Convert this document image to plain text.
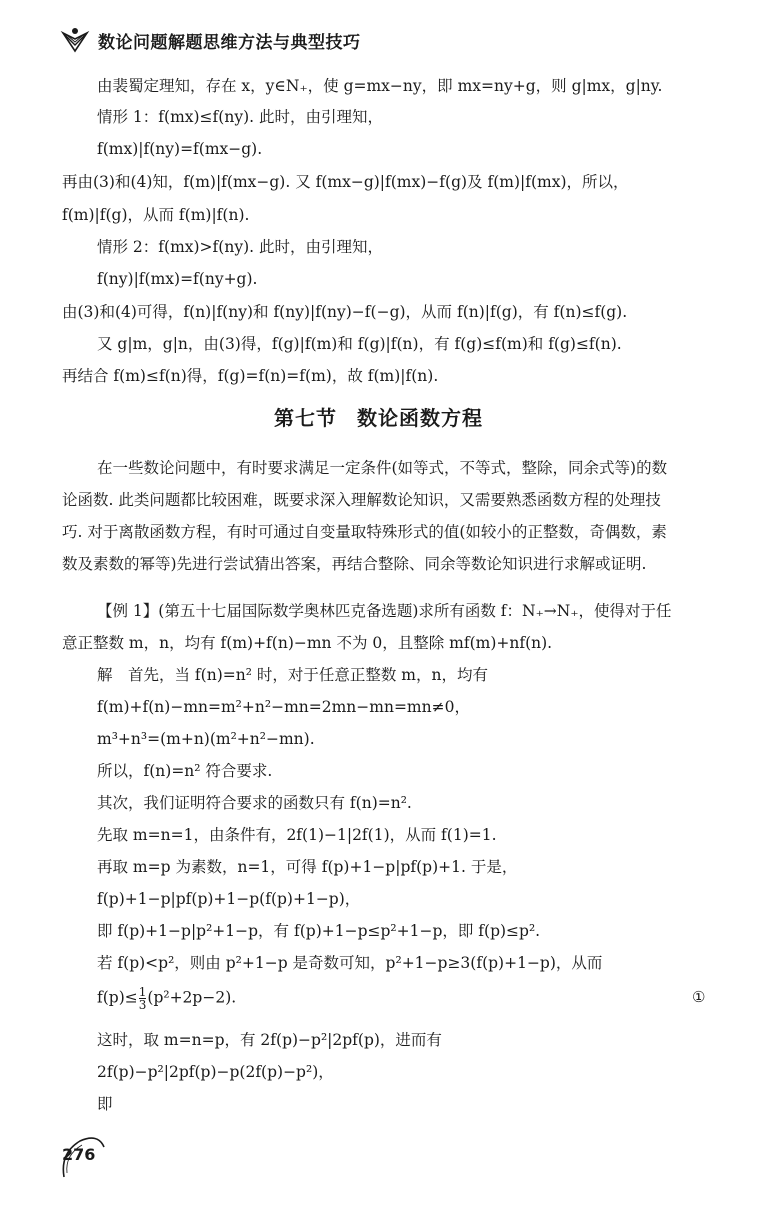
数论问题解题思维方法与典型技巧
由裴蜀定理知，存在 x，y∈N₊，使 g=mx−ny，即 mx=ny+g，则 g|mx，g|ny.
情形 1：f(mx)≤f(ny). 此时，由引理知，
f(mx)|f(ny)=f(mx−g).
再由(3)和(4)知，f(m)|f(mx−g). 又 f(mx−g)|f(mx)−f(g)及 f(m)|f(mx)，所以，
f(m)|f(g)，从而 f(m)|f(n).
情形 2：f(mx)>f(ny). 此时，由引理知，
f(ny)|f(mx)=f(ny+g).
由(3)和(4)可得，f(n)|f(ny)和 f(ny)|f(ny)−f(−g)，从而 f(n)|f(g)，有 f(n)≤f(g).
又 g|m，g|n，由(3)得，f(g)|f(m)和 f(g)|f(n)，有 f(g)≤f(m)和 f(g)≤f(n).
再结合 f(m)≤f(n)得，f(g)=f(n)=f(m)，故 f(m)|f(n).
第七节 数论函数方程
在一些数论问题中，有时要求满足一定条件(如等式，不等式，整除，同余式等)的数
论函数. 此类问题都比较困难，既要求深入理解数论知识，又需要熟悉函数方程的处理技
巧. 对于离散函数方程，有时可通过自变量取特殊形式的值(如较小的正整数，奇偶数，素
数及素数的幂等)先进行尝试猜出答案，再结合整除、同余等数论知识进行求解或证明.
【例 1】(第五十七届国际数学奥林匹克备选题)求所有函数 f：N₊→N₊，使得对于任
意正整数 m，n，均有 f(m)+f(n)−mn 不为 0，且整除 mf(m)+nf(n).
解　首先，当 f(n)=n² 时，对于任意正整数 m，n，均有
f(m)+f(n)−mn=m²+n²−mn=2mn−mn=mn≠0，
m³+n³=(m+n)(m²+n²−mn).
所以，f(n)=n² 符合要求.
其次，我们证明符合要求的函数只有 f(n)=n².
先取 m=n=1，由条件有，2f(1)−1|2f(1)，从而 f(1)=1.
再取 m=p 为素数，n=1，可得 f(p)+1−p|pf(p)+1. 于是，
f(p)+1−p|pf(p)+1−p(f(p)+1−p)，
即 f(p)+1−p|p²+1−p，有 f(p)+1−p≤p²+1−p，即 f(p)≤p².
若 f(p)<p²，则由 p²+1−p 是奇数可知，p²+1−p≥3(f(p)+1−p)，从而
$f(p)\le \frac{1}{3} (p^2+2p-2)$.	①
这时，取 m=n=p，有 2f(p)−p²|2pf(p)，进而有
2f(p)−p²|2pf(p)−p(2f(p)−p²)，
即
276
